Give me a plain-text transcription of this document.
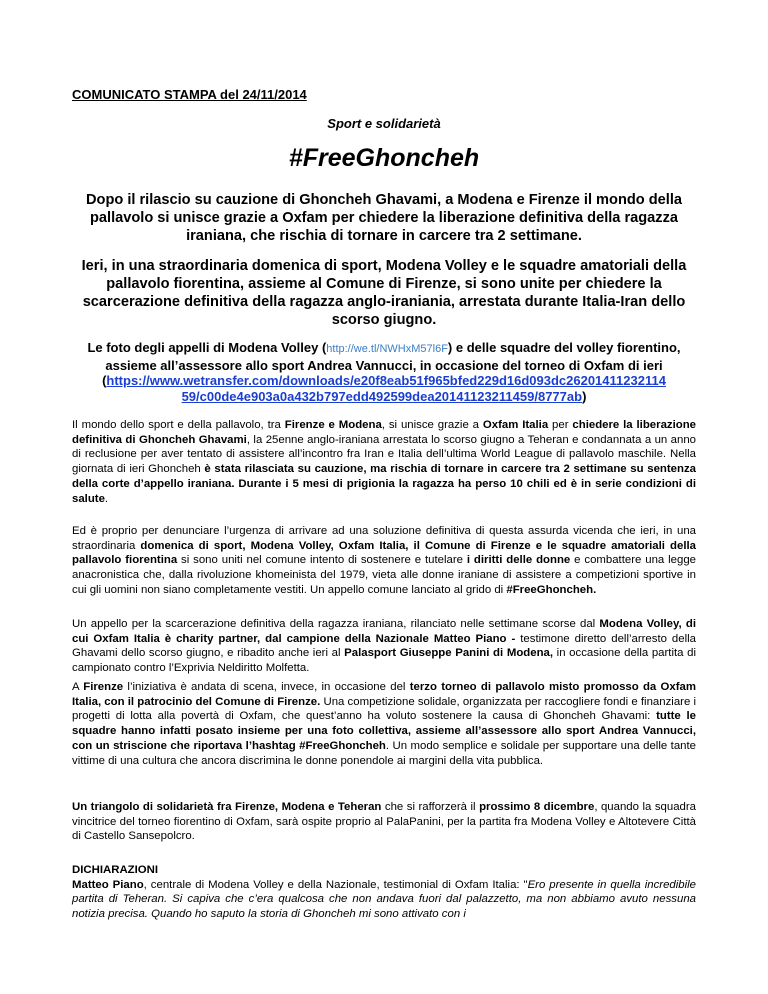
COMUNICATO STAMPA del 24/11/2014
Sport e solidarietà
#FreeGhoncheh
Dopo il rilascio su cauzione di Ghoncheh Ghavami, a Modena e Firenze il mondo della pallavolo si unisce grazie a Oxfam per chiedere la liberazione definitiva della ragazza iraniana, che rischia di tornare in carcere tra 2 settimane.
Ieri, in una straordinaria domenica di sport, Modena Volley e le squadre amatoriali della pallavolo fiorentina, assieme al Comune di Firenze, si sono unite per chiedere la scarcerazione definitiva della ragazza anglo-iraniania, arrestata durante Italia-Iran dello scorso giugno.
Le foto degli appelli di Modena Volley (http://we.tl/NWHxM57l6F) e delle squadre del volley fiorentino, assieme all’assessore allo sport Andrea Vannucci, in occasione del torneo di Oxfam di ieri
(https://www.wetransfer.com/downloads/e20f8eab51f965bfed229d16d093dc26201411232114 59/c00de4e903a0a432b797edd492599dea20141123211459/8777ab)
Il mondo dello sport e della pallavolo, tra Firenze e Modena, si unisce grazie a Oxfam Italia per chiedere la liberazione definitiva di Ghoncheh Ghavami, la 25enne anglo-iraniana arrestata lo scorso giugno a Teheran e condannata a un anno di reclusione per aver tentato di assistere all’incontro fra Iran e Italia dell’ultima World League di pallavolo maschile. Nella giornata di ieri Ghoncheh è stata rilasciata su cauzione, ma rischia di tornare in carcere tra 2 settimane su sentenza della corte d’appello iraniana. Durante i 5 mesi di prigionia la ragazza ha perso 10 chili ed è in serie condizioni di salute.
Ed è proprio per denunciare l’urgenza di arrivare ad una soluzione definitiva di questa assurda vicenda che ieri, in una straordinaria domenica di sport, Modena Volley, Oxfam Italia, il Comune di Firenze e le squadre amatoriali della pallavolo fiorentina si sono uniti nel comune intento di sostenere e tutelare i diritti delle donne e combattere una legge anacronistica che, dalla rivoluzione khomeinista del 1979, vieta alle donne iraniane di assistere a competizioni sportive in cui gli uomini non siano completamente vestiti. Un appello comune lanciato al grido di #FreeGhoncheh.
Un appello per la scarcerazione definitiva della ragazza iraniana, rilanciato nelle settimane scorse dal Modena Volley, di cui Oxfam Italia è charity partner, dal campione della Nazionale Matteo Piano - testimone diretto dell’arresto della Ghavami dello scorso giugno, e ribadito anche ieri al Palasport Giuseppe Panini di Modena, in occasione della partita di campionato contro l’Exprivia Neldiritto Molfetta.
A Firenze l’iniziativa è andata di scena, invece, in occasione del terzo torneo di pallavolo misto promosso da Oxfam Italia, con il patrocinio del Comune di Firenze. Una competizione solidale, organizzata per raccogliere fondi e finanziare i progetti di lotta alla povertà di Oxfam, che quest’anno ha voluto sostenere la causa di Ghoncheh Ghavami: tutte le squadre hanno infatti posato insieme per una foto collettiva, assieme all’assessore allo sport Andrea Vannucci, con un striscione che riportava l’hashtag #FreeGhoncheh. Un modo semplice e solidale per supportare una delle tante vittime di una cultura che ancora discrimina le donne ponendole ai margini della vita pubblica.
Un triangolo di solidarietà fra Firenze, Modena e Teheran che si rafforzerà il prossimo 8 dicembre, quando la squadra vincitrice del torneo fiorentino di Oxfam, sarà ospite proprio al PalaPanini, per la partita fra Modena Volley e Altotevere Città di Castello Sansepolcro.
DICHIARAZIONI
Matteo Piano, centrale di Modena Volley e della Nazionale, testimonial di Oxfam Italia: "Ero presente in quella incredibile partita di Teheran. Si capiva che c’era qualcosa che non andava fuori dal palazzetto, ma non abbiamo avuto nessuna notizia precisa. Quando ho saputo la storia di Ghoncheh mi sono attivato con i
